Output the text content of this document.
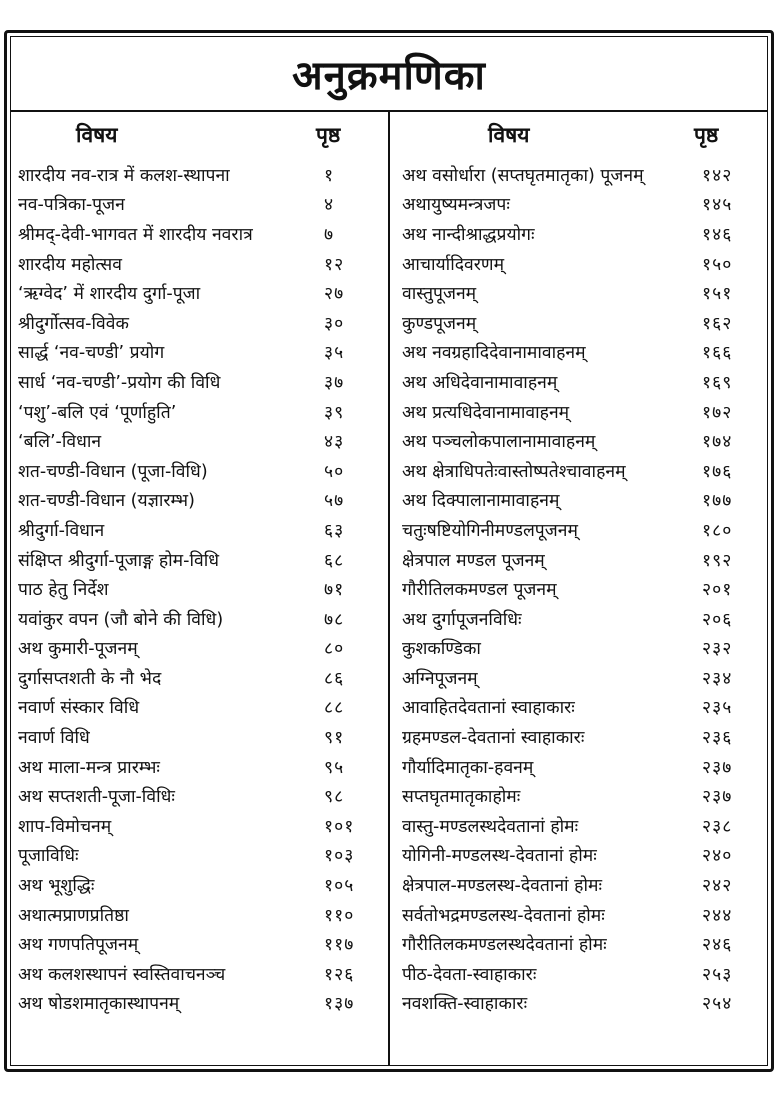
अनुक्रमणिका
विषय	पृष्ठ
शारदीय नव-रात्र में कलश-स्थापना	१
नव-पत्रिका-पूजन	४
श्रीमद्-देवी-भागवत में शारदीय नवरात्र	७
शारदीय महोत्सव	१२
‘ऋग्वेद’ में शारदीय दुर्गा-पूजा	२७
श्रीदुर्गोत्सव-विवेक	३०
सार्द्ध ‘नव-चण्डी’ प्रयोग	३५
सार्ध ‘नव-चण्डी’-प्रयोग की विधि	३७
‘पशु’-बलि एवं ‘पूर्णाहुति’	३९
‘बलि’-विधान	४३
शत-चण्डी-विधान (पूजा-विधि)	५०
शत-चण्डी-विधान (यज्ञारम्भ)	५७
श्रीदुर्गा-विधान	६३
संक्षिप्त श्रीदुर्गा-पूजाङ्ग होम-विधि	६८
पाठ हेतु निर्देश	७१
यवांकुर वपन (जौ बोने की विधि)	७८
अथ कुमारी-पूजनम्	८०
दुर्गासप्तशती के नौ भेद	८६
नवार्ण संस्कार विधि	८८
नवार्ण विधि	९१
अथ माला-मन्त्र प्रारम्भः	९५
अथ सप्तशती-पूजा-विधिः	९८
शाप-विमोचनम्	१०१
पूजाविधिः	१०३
अथ भूशुद्धिः	१०५
अथात्मप्राणप्रतिष्ठा	११०
अथ गणपतिपूजनम्	११७
अथ कलशस्थापनं स्वस्तिवाचनञ्च	१२६
अथ षोडशमातृकास्थापनम्	१३७
विषय	पृष्ठ
अथ वसोर्धारा (सप्तघृतमातृका) पूजनम्	१४२
अथायुष्यमन्त्रजपः	१४५
अथ नान्दीश्राद्धप्रयोगः	१४६
आचार्यादिवरणम्	१५०
वास्तुपूजनम्	१५१
कुण्डपूजनम्	१६२
अथ नवग्रहादिदेवानामावाहनम्	१६६
अथ अधिदेवानामावाहनम्	१६९
अथ प्रत्यधिदेवानामावाहनम्	१७२
अथ पञ्चलोकपालानामावाहनम्	१७४
अथ क्षेत्राधिपतेःवास्तोष्पतेश्चावाहनम्	१७६
अथ दिक्पालानामावाहनम्	१७७
चतुःषष्टियोगिनीमण्डलपूजनम्	१८०
क्षेत्रपाल मण्डल पूजनम्	१९२
गौरीतिलकमण्डल पूजनम्	२०१
अथ दुर्गापूजनविधिः	२०६
कुशकण्डिका	२३२
अग्निपूजनम्	२३४
आवाहितदेवतानां स्वाहाकारः	२३५
ग्रहमण्डल-देवतानां स्वाहाकारः	२३६
गौर्यादिमातृका-हवनम्	२३७
सप्तघृतमातृकाहोमः	२३७
वास्तु-मण्डलस्थदेवतानां होमः	२३८
योगिनी-मण्डलस्थ-देवतानां होमः	२४०
क्षेत्रपाल-मण्डलस्थ-देवतानां होमः	२४२
सर्वतोभद्रमण्डलस्थ-देवतानां होमः	२४४
गौरीतिलकमण्डलस्थदेवतानां होमः	२४६
पीठ-देवता-स्वाहाकारः	२५३
नवशक्ति-स्वाहाकारः	२५४
